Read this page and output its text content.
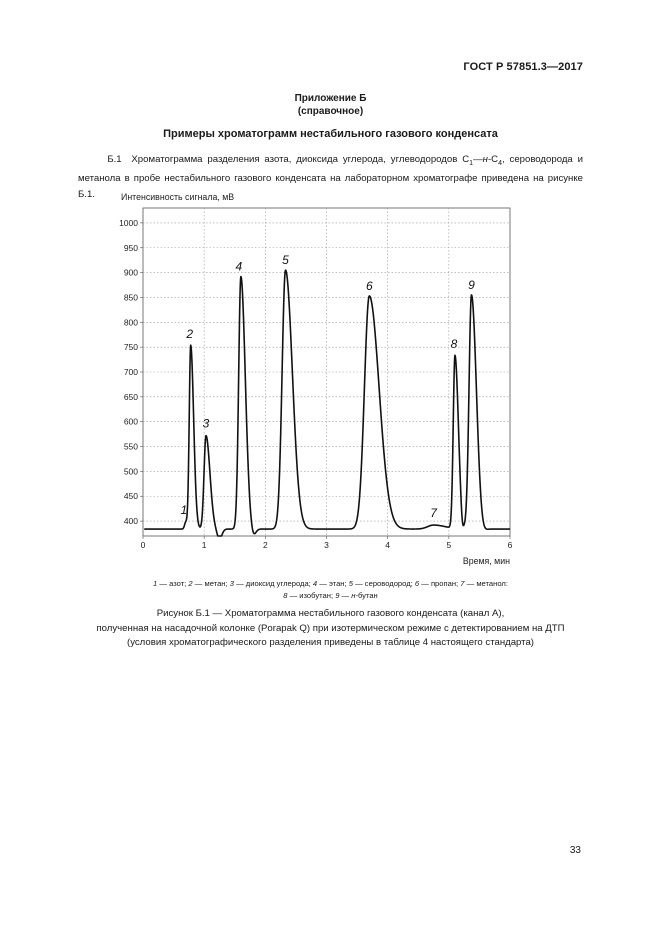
ГОСТ Р 57851.3—2017
Приложение Б
(справочное)
Примеры хроматограмм нестабильного газового конденсата

Б.1 Хроматограмма разделения азота, диоксида углерода, углеводородов $С_1—н-С_4$, сероводорода и метанола в пробе нестабильного газового конденсата на лабораторном хроматографе приведена на рисунке Б.1.

400
450
500
550
600
650
700
750
800
850
900
950
1000
0	1	2	3	4	5	6
Интенсивность сигнала, мВ
Время, мин
1
2
3
4	5
6
7
8
9
1 — азот; 2 — метан; 3 — диоксид углерода; 4 — этан; 5 — сероводород; 6 — пропан; 7 — метанол:
8 — изобутан; 9 — н-бутан
Рисунок Б.1 — Хроматограмма нестабильного газового конденсата (канал А),
полученная на насадочной колонке (Porapak Q) при изотермическом режиме с детектированием на ДТП
(условия хроматографического разделения приведены в таблице 4 настоящего стандарта)
33
